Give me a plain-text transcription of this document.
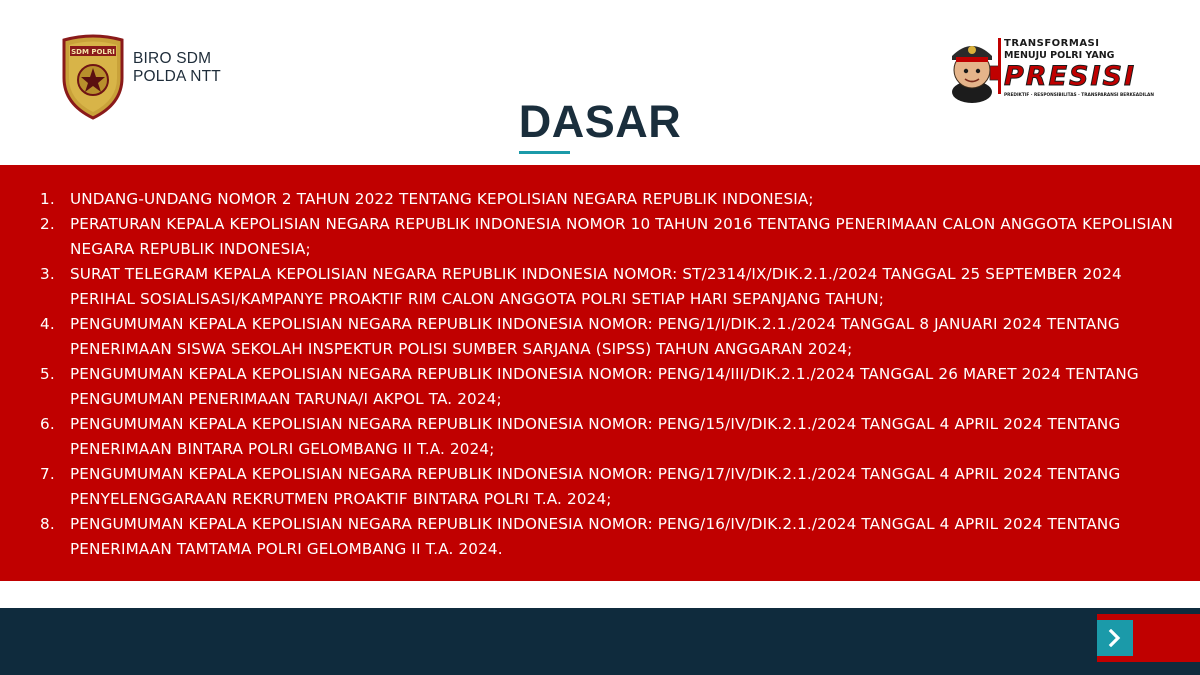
SDM POLRI BIRO SDM
POLDA NTT
TRANSFORMASI
MENUJU POLRI YANG
PRESISI
PREDIKTIF · RESPONSIBILITAS · TRANSPARANSI BERKEADILAN
DASAR
1. UNDANG-UNDANG NOMOR 2 TAHUN 2022 TENTANG KEPOLISIAN NEGARA REPUBLIK INDONESIA;
2. PERATURAN KEPALA KEPOLISIAN NEGARA REPUBLIK INDONESIA NOMOR 10 TAHUN 2016 TENTANG PENERIMAAN CALON ANGGOTA KEPOLISIAN NEGARA REPUBLIK INDONESIA;
3. SURAT TELEGRAM KEPALA KEPOLISIAN NEGARA REPUBLIK INDONESIA NOMOR: ST/2314/IX/DIK.2.1./2024 TANGGAL 25 SEPTEMBER 2024 PERIHAL SOSIALISASI/KAMPANYE PROAKTIF RIM CALON ANGGOTA POLRI SETIAP HARI SEPANJANG TAHUN;
4. PENGUMUMAN KEPALA KEPOLISIAN NEGARA REPUBLIK INDONESIA NOMOR: PENG/1/I/DIK.2.1./2024 TANGGAL 8 JANUARI 2024 TENTANG PENERIMAAN SISWA SEKOLAH INSPEKTUR POLISI SUMBER SARJANA (SIPSS) TAHUN ANGGARAN 2024;
5. PENGUMUMAN KEPALA KEPOLISIAN NEGARA REPUBLIK INDONESIA NOMOR: PENG/14/III/DIK.2.1./2024 TANGGAL 26 MARET 2024 TENTANG PENGUMUMAN PENERIMAAN TARUNA/I AKPOL TA. 2024;
6. PENGUMUMAN KEPALA KEPOLISIAN NEGARA REPUBLIK INDONESIA NOMOR: PENG/15/IV/DIK.2.1./2024 TANGGAL 4 APRIL 2024 TENTANG PENERIMAAN BINTARA POLRI GELOMBANG II T.A. 2024;
7. PENGUMUMAN KEPALA KEPOLISIAN NEGARA REPUBLIK INDONESIA NOMOR: PENG/17/IV/DIK.2.1./2024 TANGGAL 4 APRIL 2024 TENTANG PENYELENGGARAAN REKRUTMEN PROAKTIF BINTARA POLRI T.A. 2024;
8. PENGUMUMAN KEPALA KEPOLISIAN NEGARA REPUBLIK INDONESIA NOMOR: PENG/16/IV/DIK.2.1./2024 TANGGAL 4 APRIL 2024 TENTANG PENERIMAAN TAMTAMA POLRI GELOMBANG II T.A. 2024.
